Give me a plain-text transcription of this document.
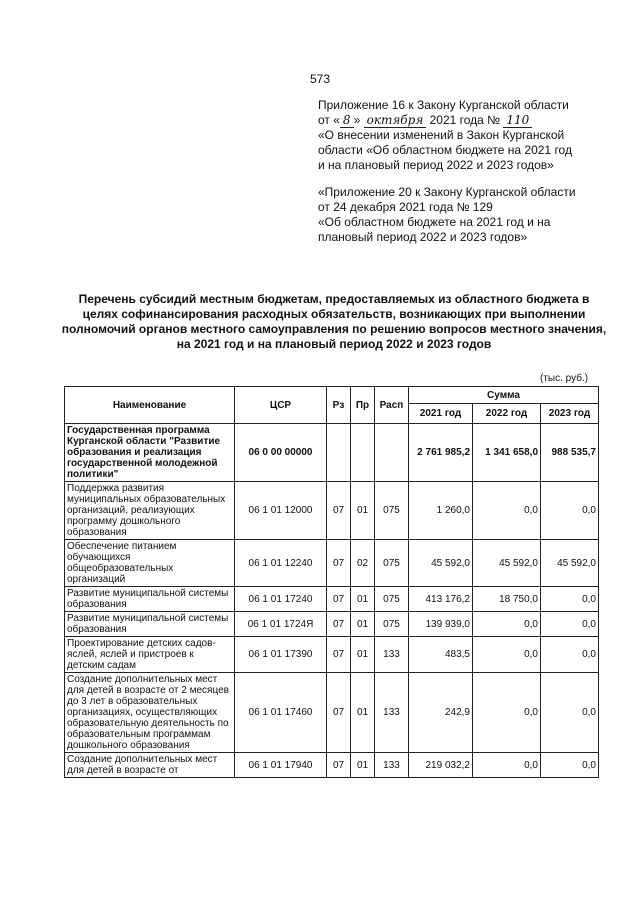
573
Приложение 16 к Закону Курганской области
от « 8 » октября 2021 года № 110
«О внесении изменений в Закон Курганской
области «Об областном бюджете на 2021 год
и на плановый период 2022 и 2023 годов»
«Приложение 20 к Закону Курганской области
от 24 декабря 2021 года № 129
«Об областном бюджете на 2021 год и на
плановый период 2022 и 2023 годов»
Перечень субсидий местным бюджетам, предоставляемых из областного бюджета в целях софинансирования расходных обязательств, возникающих при выполнении полномочий органов местного самоуправления по решению вопросов местного значения, на 2021 год и на плановый период 2022 и 2023 годов
(тыс. руб.)
Наименование	ЦСР	Рз	Пр	Расп	Сумма		
					2021 год	2022 год	2023 год
Государственная программа Курганской области "Развитие образования и реализация государственной молодежной политики"	06 0 00 00000				2 761 985,2	1 341 658,0	988 535,7
Поддержка развития муниципальных образовательных организаций, реализующих программу дошкольного образования	06 1 01 12000	07	01	075	1 260,0	0,0	0,0
Обеспечение питанием обучающихся общеобразовательных организаций	06 1 01 12240	07	02	075	45 592,0	45 592,0	45 592,0
Развитие муниципальной системы образования	06 1 01 17240	07	01	075	413 176,2	18 750,0	0,0
Развитие муниципальной системы образования	06 1 01 1724Я	07	01	075	139 939,0	0,0	0,0
Проектирование детских садов-яслей, яслей и пристроев к детским садам	06 1 01 17390	07	01	133	483,5	0,0	0,0
Создание дополнительных мест для детей в возрасте от 2 месяцев до 3 лет в образовательных организациях, осуществляющих образовательную деятельность по образовательным программам дошкольного образования	06 1 01 17460	07	01	133	242,9	0,0	0,0
Создание дополнительных мест для детей в возрасте от	06 1 01 17940	07	01	133	219 032,2	0,0	0,0
